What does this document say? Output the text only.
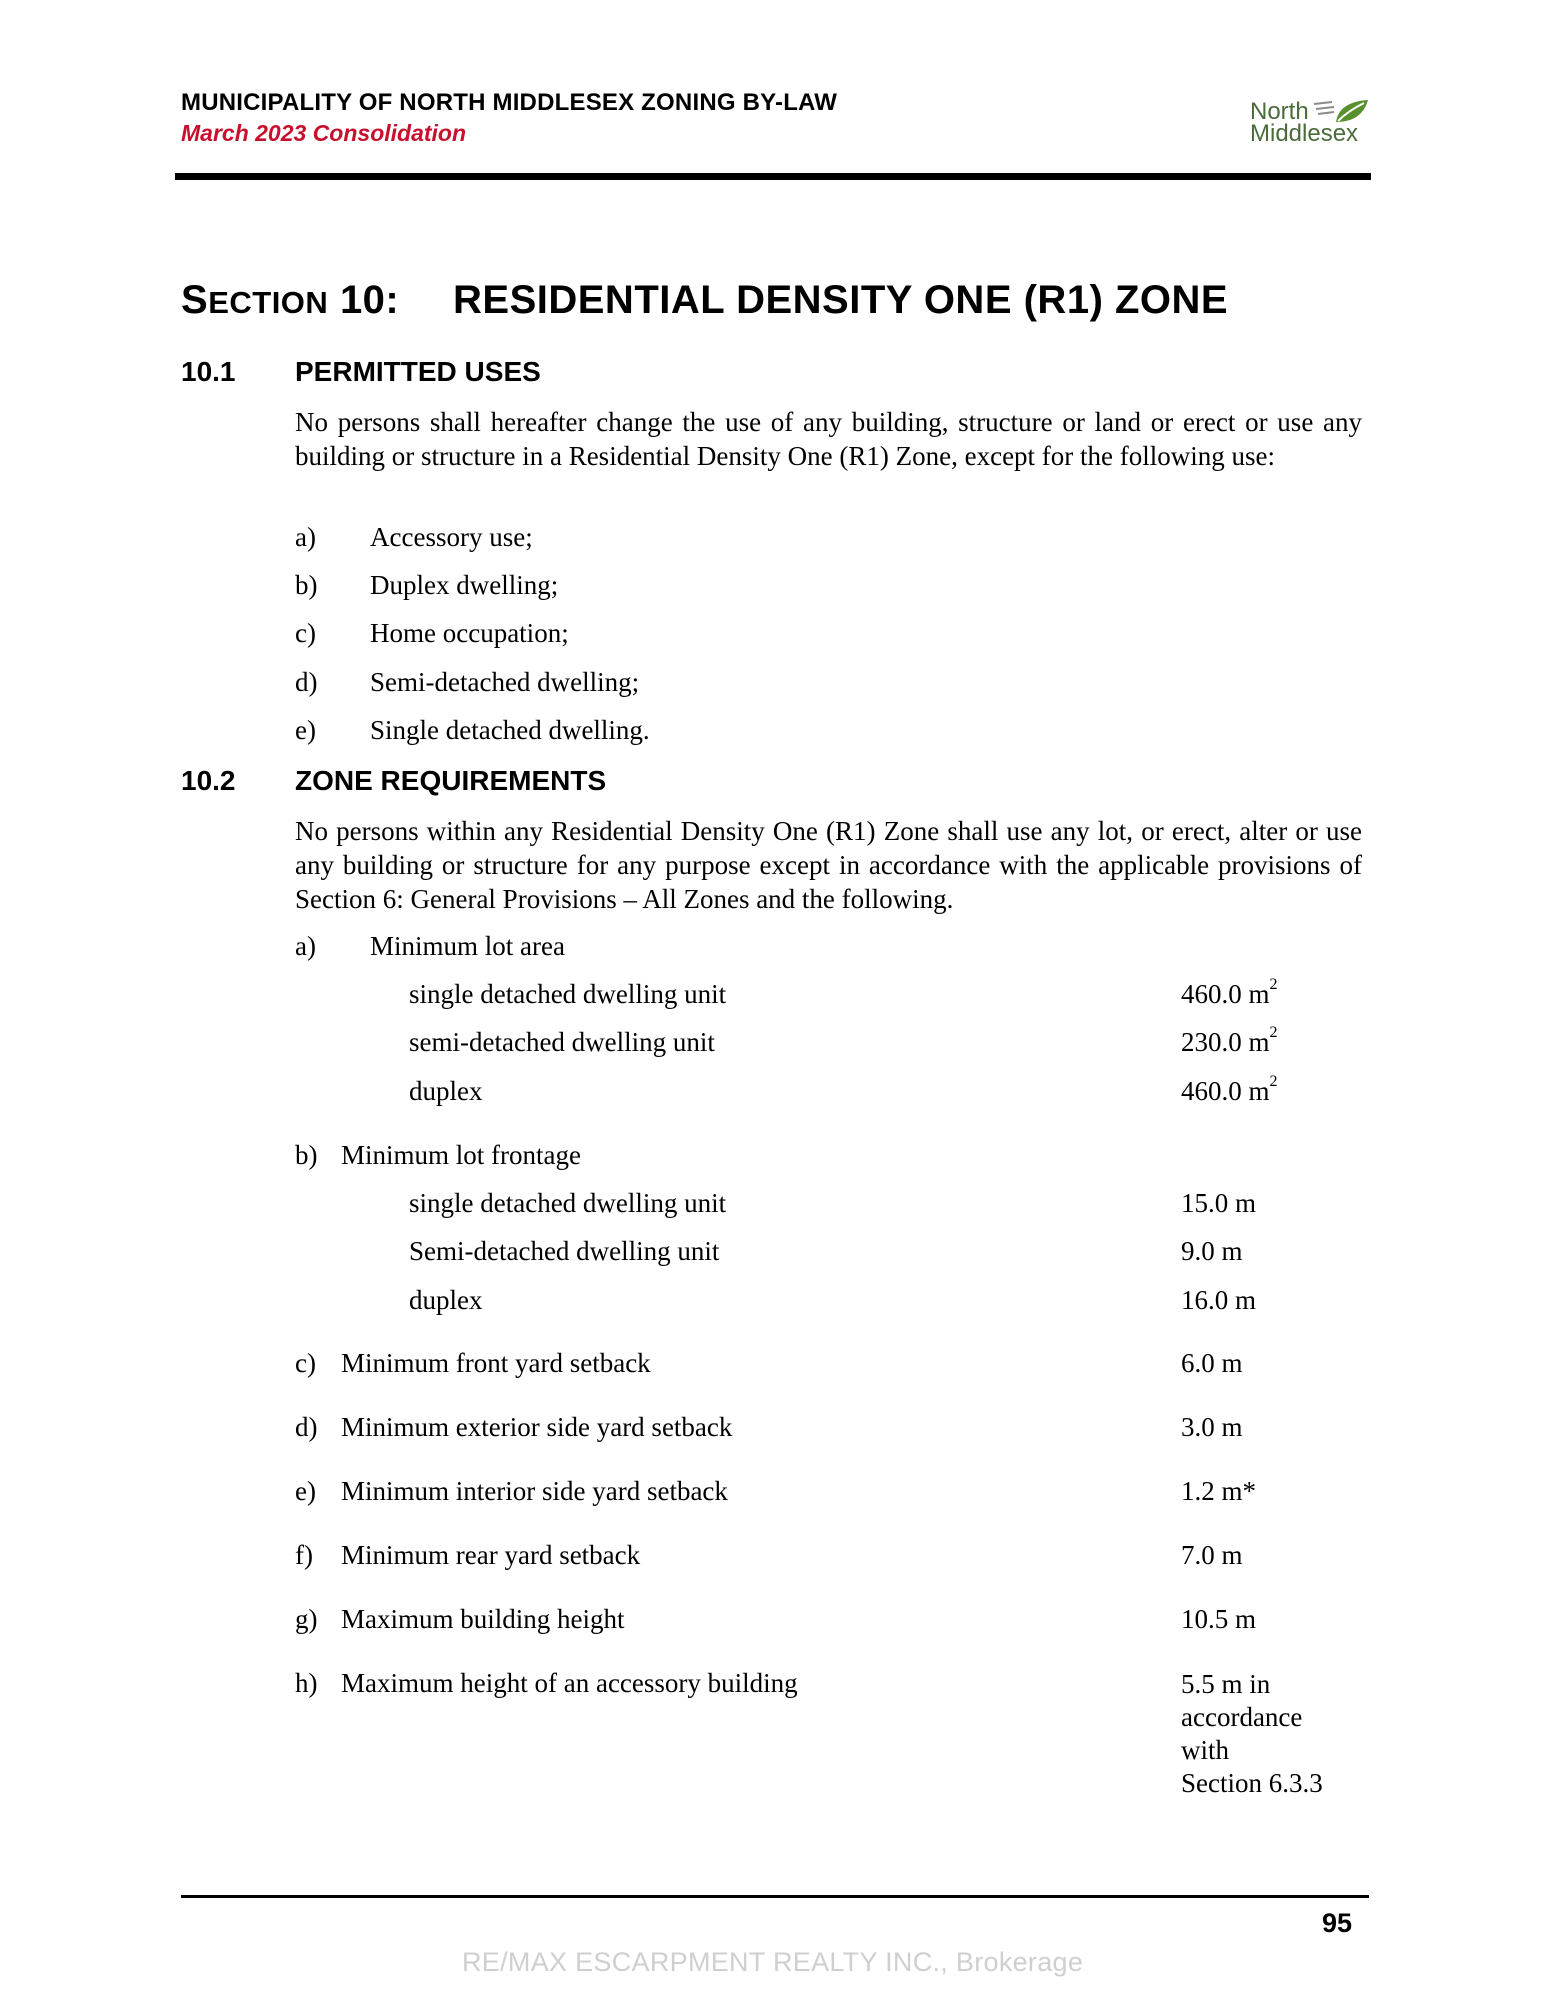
MUNICIPALITY OF NORTH MIDDLESEX ZONING BY-LAW
March 2023 Consolidation
North
Middlesex
SECTION 10: RESIDENTIAL DENSITY ONE (R1) ZONE
10.1 PERMITTED USES
No persons shall hereafter change the use of any building, structure or land or erect or use any building or structure in a Residential Density One (R1) Zone, except for the following use:
a) Accessory use;
b) Duplex dwelling;
c) Home occupation;
d) Semi-detached dwelling;
e) Single detached dwelling.
10.2 ZONE REQUIREMENTS
No persons within any Residential Density One (R1) Zone shall use any lot, or erect, alter or use any building or structure for any purpose except in accordance with the applicable provisions of Section 6: General Provisions – All Zones and the following.
a) Minimum lot area
single detached dwelling unit	460.0 $m^2$
semi-detached dwelling unit	230.0 $m^2$
duplex	460.0 $m^2$
b) Minimum lot frontage
single detached dwelling unit	15.0 m
Semi-detached dwelling unit	9.0 m
duplex	16.0 m
c) Minimum front yard setback	6.0 m
d) Minimum exterior side yard setback	3.0 m
e) Minimum interior side yard setback	1.2 m*
f) Minimum rear yard setback	7.0 m
g) Maximum building height	10.5 m
h) Maximum height of an accessory building	5.5 m in
accordance
with
Section 6.3.3
95
RE/MAX ESCARPMENT REALTY INC., Brokerage
